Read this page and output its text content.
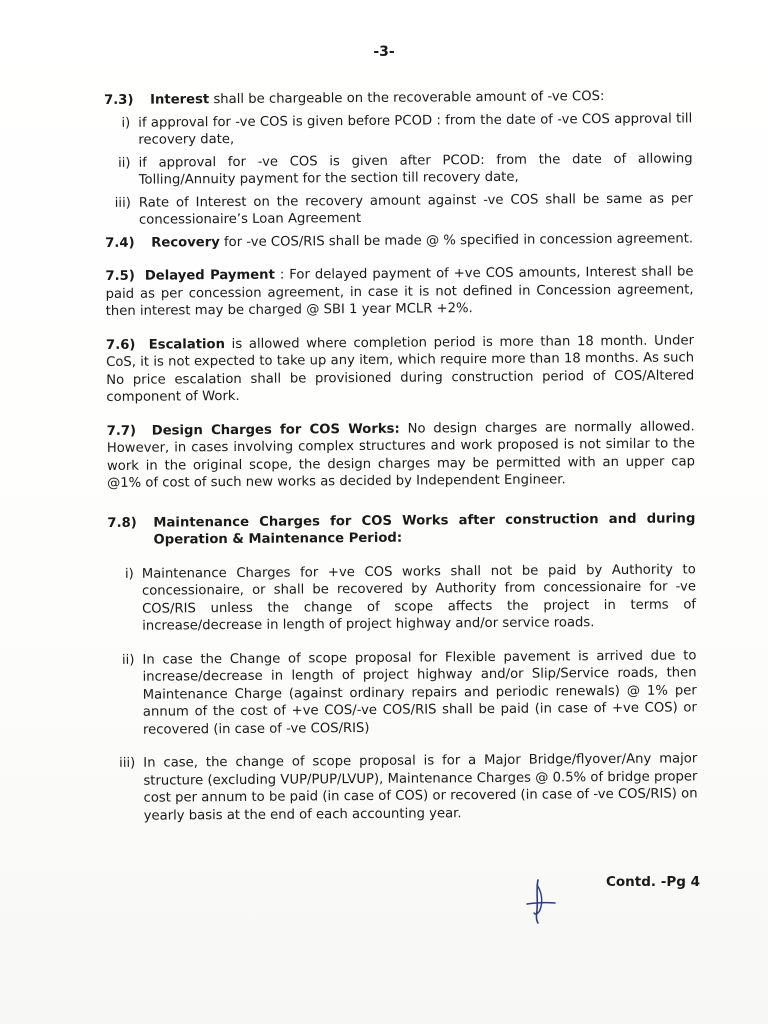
-3-
7.3)	Interest shall be chargeable on the recoverable amount of -ve COS:
i) if approval for -ve COS is given before PCOD : from the date of -ve COS approval till recovery date,
ii) if approval for -ve COS is given after PCOD: from the date of allowing Tolling/Annuity payment for the section till recovery date,
iii) Rate of Interest on the recovery amount against -ve COS shall be same as per concessionaire’s Loan Agreement
7.4)	Recovery for -ve COS/RIS shall be made @ % specified in concession agreement.
7.5) Delayed Payment : For delayed payment of +ve COS amounts, Interest shall be paid as per concession agreement, in case it is not defined in Concession agreement, then interest may be charged @ SBI 1 year MCLR +2%.
7.6) Escalation is allowed where completion period is more than 18 month. Under CoS, it is not expected to take up any item, which require more than 18 months. As such No price escalation shall be provisioned during construction period of COS/Altered component of Work.
7.7) Design Charges for COS Works: No design charges are normally allowed. However, in cases involving complex structures and work proposed is not similar to the work in the original scope, the design charges may be permitted with an upper cap @1% of cost of such new works as decided by Independent Engineer.
7.8)	Maintenance Charges for COS Works after construction and during Operation & Maintenance Period:
i) Maintenance Charges for +ve COS works shall not be paid by Authority to concessionaire, or shall be recovered by Authority from concessionaire for -ve COS/RIS unless the change of scope affects the project in terms of increase/decrease in length of project highway and/or service roads.
ii) In case the Change of scope proposal for Flexible pavement is arrived due to increase/decrease in length of project highway and/or Slip/Service roads, then Maintenance Charge (against ordinary repairs and periodic renewals) @ 1% per annum of the cost of +ve COS/-ve COS/RIS shall be paid (in case of +ve COS) or recovered (in case of -ve COS/RIS)
iii) In case, the change of scope proposal is for a Major Bridge/flyover/Any major structure (excluding VUP/PUP/LVUP), Maintenance Charges @ 0.5% of bridge proper cost per annum to be paid (in case of COS) or recovered (in case of -ve COS/RIS) on yearly basis at the end of each accounting year.
Contd. -Pg 4
